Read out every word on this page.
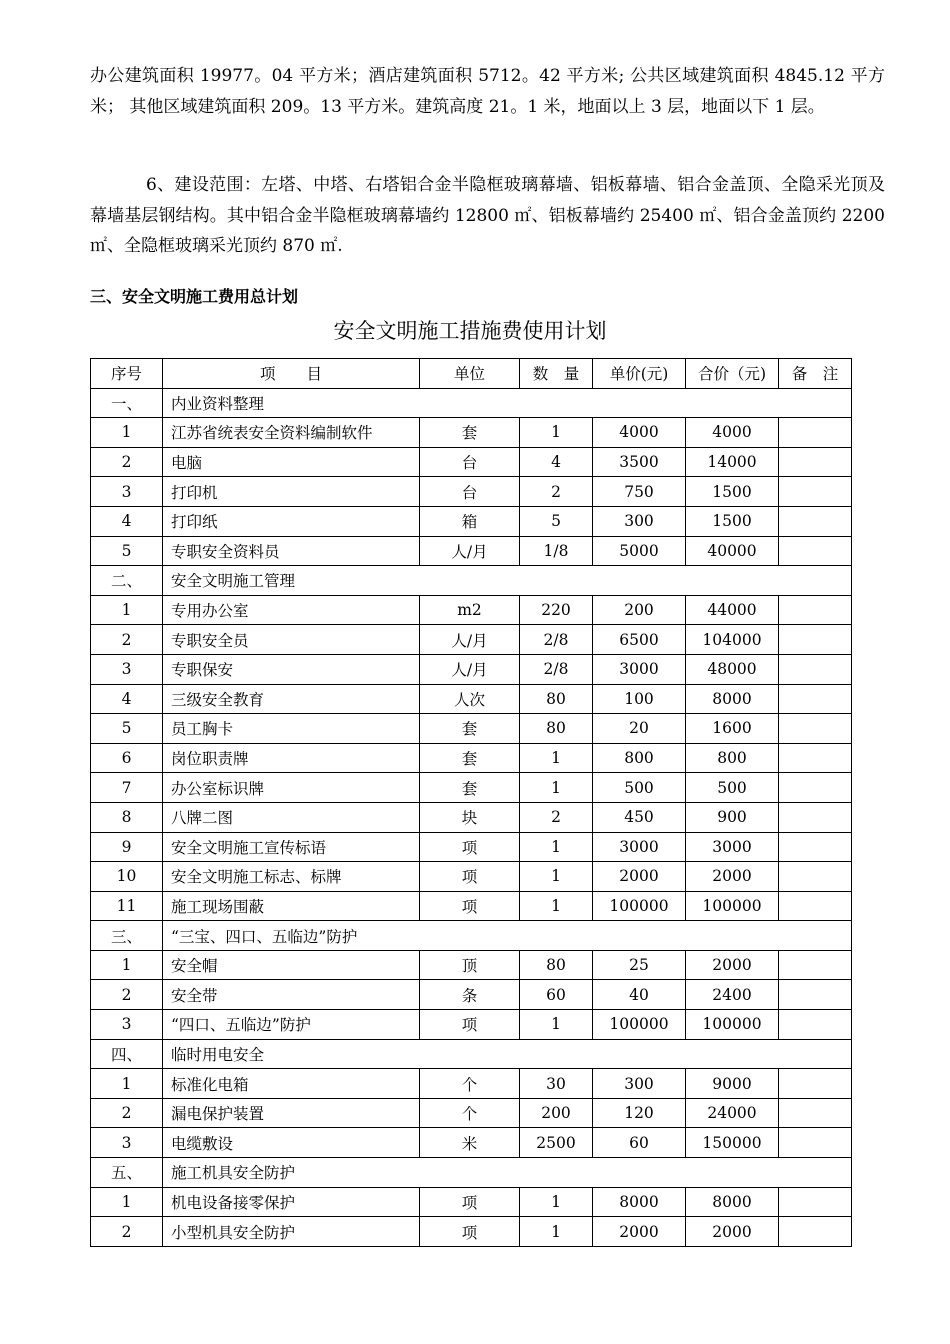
办公建筑面积 19977。04 平方米；酒店建筑面积 5712。42 平方米; 公共区域建筑面积 4845.12 平方米； 其他区域建筑面积 209。13 平方米。建筑高度 21。1 米，地面以上 3 层，地面以下 1 层。

6、建设范围：左塔、中塔、右塔铝合金半隐框玻璃幕墙、铝板幕墙、铝合金盖顶、全隐采光顶及幕墙基层钢结构。其中铝合金半隐框玻璃幕墙约 12800 ㎡、铝板幕墙约 25400 ㎡、铝合金盖顶约 2200 ㎡、全隐框玻璃采光顶约 870 ㎡.

三、安全文明施工费用总计划

安全文明施工措施费使用计划

序号	项　　目	单位	数　量	单价(元)	合价（元)	备　注
一、	内业资料整理					
1	江苏省统表安全资料编制软件	套	1	4000	4000	
2	电脑	台	4	3500	14000	
3	打印机	台	2	750	1500	
4	打印纸	箱	5	300	1500	
5	专职安全资料员	人/月	1/8	5000	40000	
二、	安全文明施工管理					
1	专用办公室	m2	220	200	44000	
2	专职安全员	人/月	2/8	6500	104000	
3	专职保安	人/月	2/8	3000	48000	
4	三级安全教育	人次	80	100	8000	
5	员工胸卡	套	80	20	1600	
6	岗位职责牌	套	1	800	800	
7	办公室标识牌	套	1	500	500	
8	八牌二图	块	2	450	900	
9	安全文明施工宣传标语	项	1	3000	3000	
10	安全文明施工标志、标牌	项	1	2000	2000	
11	施工现场围蔽	项	1	100000	100000	
三、	“三宝、四口、五临边”防护					
1	安全帽	顶	80	25	2000	
2	安全带	条	60	40	2400	
3	“四口、五临边”防护	项	1	100000	100000	
四、	临时用电安全					
1	标准化电箱	个	30	300	9000	
2	漏电保护装置	个	200	120	24000	
3	电缆敷设	米	2500	60	150000	
五、	施工机具安全防护					
1	机电设备接零保护	项	1	8000	8000	
2	小型机具安全防护	项	1	2000	2000	
